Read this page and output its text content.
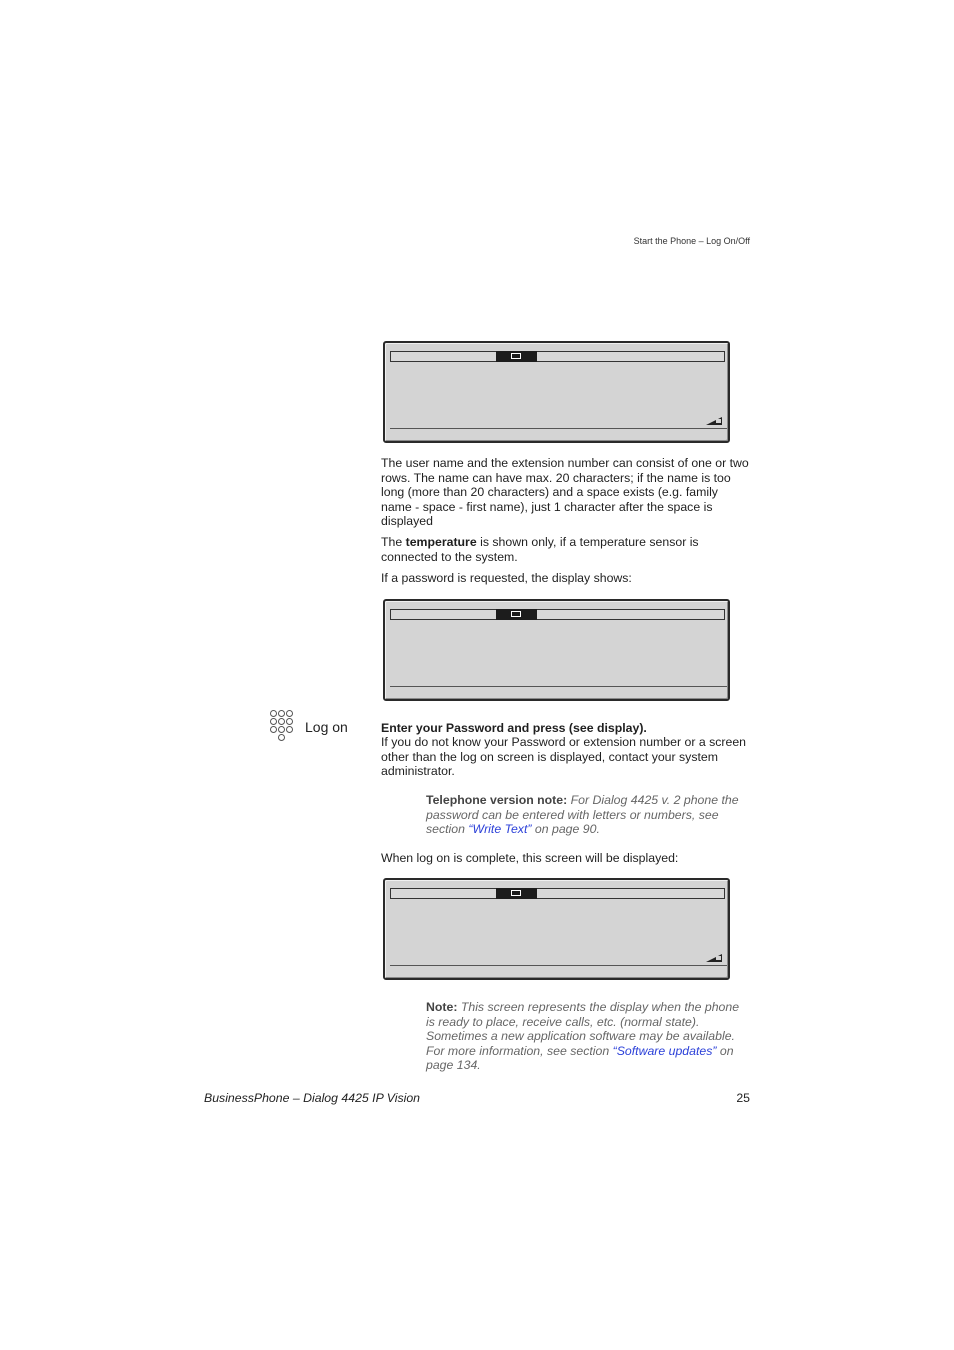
Start the Phone – Log On/Off

The user name and the extension number can consist of one or two rows. The name can have max. 20 characters; if the name is too long (more than 20 characters) and a space exists (e.g. family name - space - first name), just 1 character after the space is displayed

The temperature is shown only, if a temperature sensor is connected to the system.

If a password is requested, the display shows:

Log on	Enter your Password and press (see display).

If you do not know your Password or extension number or a screen other than the log on screen is displayed, contact your system administrator.

Telephone version note: For Dialog 4425 v. 2 phone the password can be entered with letters or numbers, see section “Write Text” on page 90.

When log on is complete, this screen will be displayed:

Note: This screen represents the display when the phone is ready to place, receive calls, etc. (normal state). Sometimes a new application software may be available. For more information, see section “Software updates” on page 134.

BusinessPhone – Dialog 4425 IP Vision	25
